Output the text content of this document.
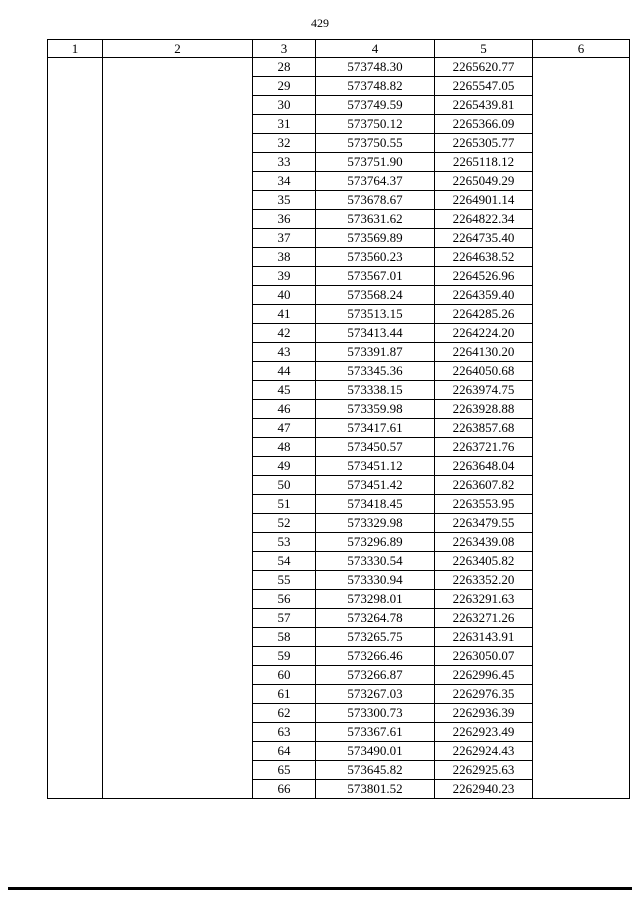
429
1	2	3	4	5	6
		28	573748.30	2265620.77	
		29	573748.82	2265547.05	
		30	573749.59	2265439.81	
		31	573750.12	2265366.09	
		32	573750.55	2265305.77	
		33	573751.90	2265118.12	
		34	573764.37	2265049.29	
		35	573678.67	2264901.14	
		36	573631.62	2264822.34	
		37	573569.89	2264735.40	
		38	573560.23	2264638.52	
		39	573567.01	2264526.96	
		40	573568.24	2264359.40	
		41	573513.15	2264285.26	
		42	573413.44	2264224.20	
		43	573391.87	2264130.20	
		44	573345.36	2264050.68	
		45	573338.15	2263974.75	
		46	573359.98	2263928.88	
		47	573417.61	2263857.68	
		48	573450.57	2263721.76	
		49	573451.12	2263648.04	
		50	573451.42	2263607.82	
		51	573418.45	2263553.95	
		52	573329.98	2263479.55	
		53	573296.89	2263439.08	
		54	573330.54	2263405.82	
		55	573330.94	2263352.20	
		56	573298.01	2263291.63	
		57	573264.78	2263271.26	
		58	573265.75	2263143.91	
		59	573266.46	2263050.07	
		60	573266.87	2262996.45	
		61	573267.03	2262976.35	
		62	573300.73	2262936.39	
		63	573367.61	2262923.49	
		64	573490.01	2262924.43	
		65	573645.82	2262925.63	
		66	573801.52	2262940.23	
